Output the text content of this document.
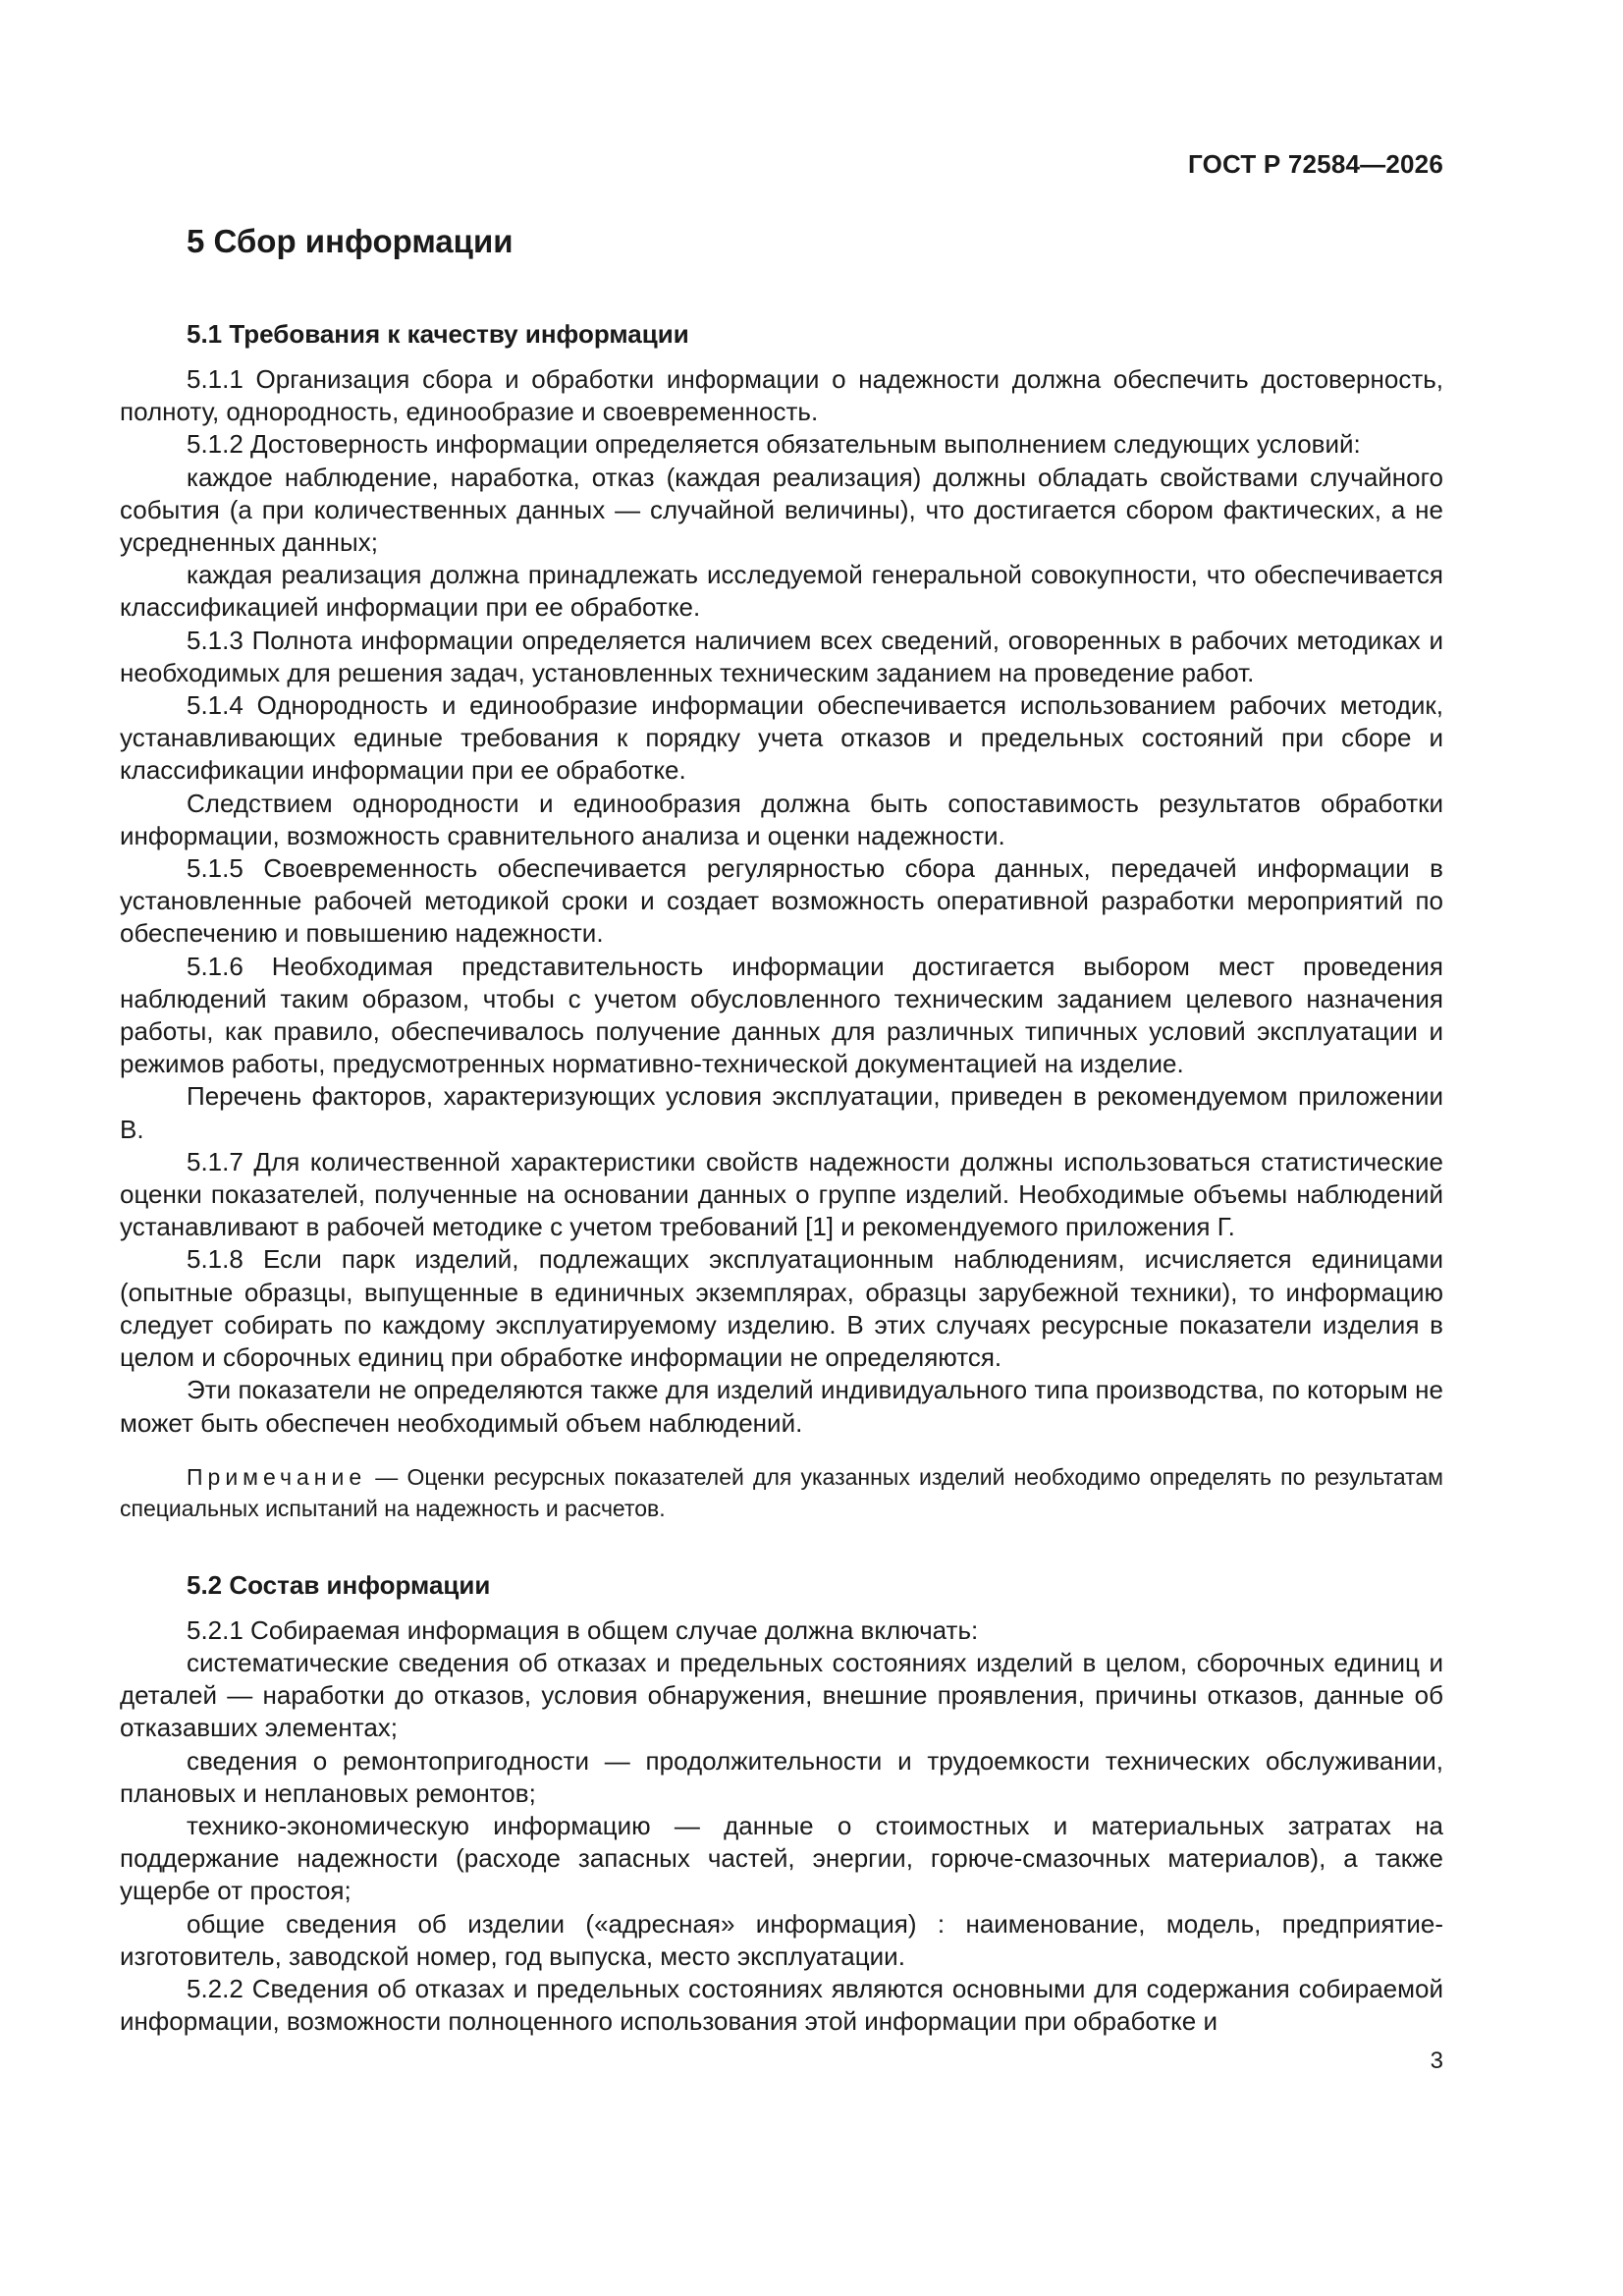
ГОСТ Р 72584—2026
5 Сбор информации
5.1 Требования к качеству информации

5.1.1 Организация сбора и обработки информации о надежности должна обеспечить достоверность, полноту, однородность, единообразие и своевременность.

5.1.2 Достоверность информации определяется обязательным выполнением следующих условий:

каждое наблюдение, наработка, отказ (каждая реализация) должны обладать свойствами случайного события (а при количественных данных — случайной величины), что достигается сбором фактических, а не усредненных данных;

каждая реализация должна принадлежать исследуемой генеральной совокупности, что обеспечивается классификацией информации при ее обработке.

5.1.3 Полнота информации определяется наличием всех сведений, оговоренных в рабочих методиках и необходимых для решения задач, установленных техническим заданием на проведение работ.

5.1.4 Однородность и единообразие информации обеспечивается использованием рабочих методик, устанавливающих единые требования к порядку учета отказов и предельных состояний при сборе и классификации информации при ее обработке.

Следствием однородности и единообразия должна быть сопоставимость результатов обработки информации, возможность сравнительного анализа и оценки надежности.

5.1.5 Своевременность обеспечивается регулярностью сбора данных, передачей информации в установленные рабочей методикой сроки и создает возможность оперативной разработки мероприятий по обеспечению и повышению надежности.

5.1.6 Необходимая представительность информации достигается выбором мест проведения наблюдений таким образом, чтобы с учетом обусловленного техническим заданием целевого назначения работы, как правило, обеспечивалось получение данных для различных типичных условий эксплуатации и режимов работы, предусмотренных нормативно-технической документацией на изделие.

Перечень факторов, характеризующих условия эксплуатации, приведен в рекомендуемом приложении В.

5.1.7 Для количественной характеристики свойств надежности должны использоваться статистические оценки показателей, полученные на основании данных о группе изделий. Необходимые объемы наблюдений устанавливают в рабочей методике с учетом требований [1] и рекомендуемого приложения Г.

5.1.8 Если парк изделий, подлежащих эксплуатационным наблюдениям, исчисляется единицами (опытные образцы, выпущенные в единичных экземплярах, образцы зарубежной техники), то информацию следует собирать по каждому эксплуатируемому изделию. В этих случаях ресурсные показатели изделия в целом и сборочных единиц при обработке информации не определяются.

Эти показатели не определяются также для изделий индивидуального типа производства, по которым не может быть обеспечен необходимый объем наблюдений.

Примечание — Оценки ресурсных показателей для указанных изделий необходимо определять по результатам специальных испытаний на надежность и расчетов.
5.2 Состав информации

5.2.1 Собираемая информация в общем случае должна включать:

систематические сведения об отказах и предельных состояниях изделий в целом, сборочных единиц и деталей — наработки до отказов, условия обнаружения, внешние проявления, причины отказов, данные об отказавших элементах;

сведения о ремонтопригодности — продолжительности и трудоемкости технических обслуживании, плановых и неплановых ремонтов;

технико-экономическую информацию — данные о стоимостных и материальных затратах на поддержание надежности (расходе запасных частей, энергии, горюче-смазочных материалов), а также ущербе от простоя;

общие сведения об изделии («адресная» информация) : наименование, модель, предприятие-изготовитель, заводской номер, год выпуска, место эксплуатации.

5.2.2 Сведения об отказах и предельных состояниях являются основными для содержания собираемой информации, возможности полноценного использования этой информации при обработке и

3
